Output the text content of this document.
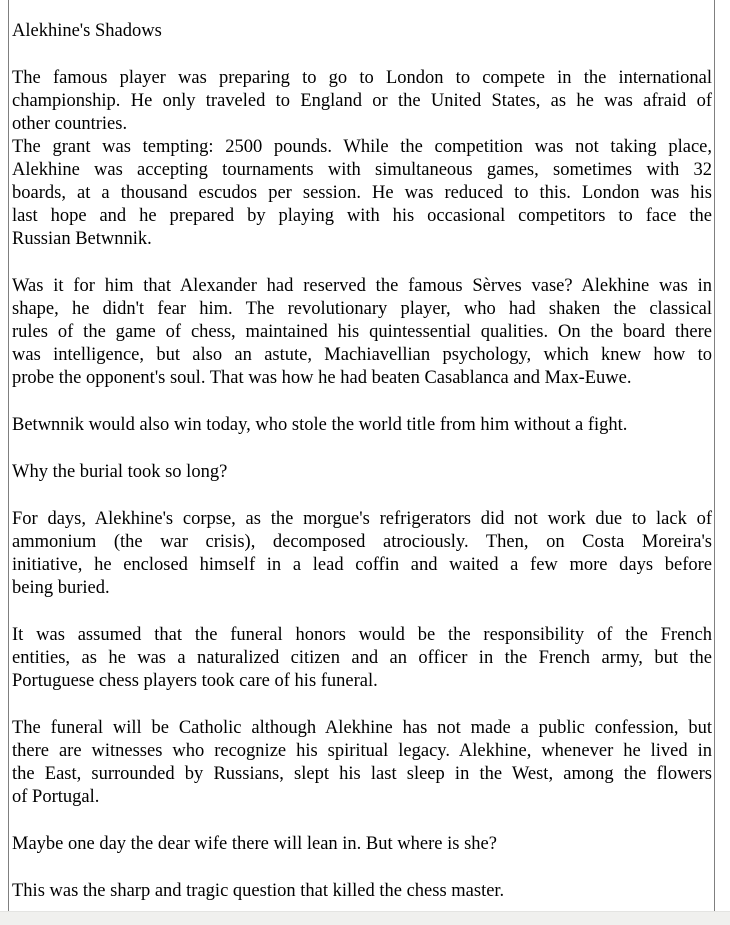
Alekhine's Shadows
The famous player was preparing to go to London to compete in the international
championship. He only traveled to England or the United States, as he was afraid of
other countries.
The grant was tempting: 2500 pounds. While the competition was not taking place,
Alekhine was accepting tournaments with simultaneous games, sometimes with 32
boards, at a thousand escudos per session. He was reduced to this. London was his
last hope and he prepared by playing with his occasional competitors to face the
Russian Betwnnik.
Was it for him that Alexander had reserved the famous Sèrves vase? Alekhine was in
shape, he didn't fear him. The revolutionary player, who had shaken the classical
rules of the game of chess, maintained his quintessential qualities. On the board there
was intelligence, but also an astute, Machiavellian psychology, which knew how to
probe the opponent's soul. That was how he had beaten Casablanca and Max-Euwe.
Betwnnik would also win today, who stole the world title from him without a fight.
Why the burial took so long?
For days, Alekhine's corpse, as the morgue's refrigerators did not work due to lack of
ammonium (the war crisis), decomposed atrociously. Then, on Costa Moreira's
initiative, he enclosed himself in a lead coffin and waited a few more days before
being buried.
It was assumed that the funeral honors would be the responsibility of the French
entities, as he was a naturalized citizen and an officer in the French army, but the
Portuguese chess players took care of his funeral.
The funeral will be Catholic although Alekhine has not made a public confession, but
there are witnesses who recognize his spiritual legacy. Alekhine, whenever he lived in
the East, surrounded by Russians, slept his last sleep in the West, among the flowers
of Portugal.
Maybe one day the dear wife there will lean in. But where is she?
This was the sharp and tragic question that killed the chess master.
